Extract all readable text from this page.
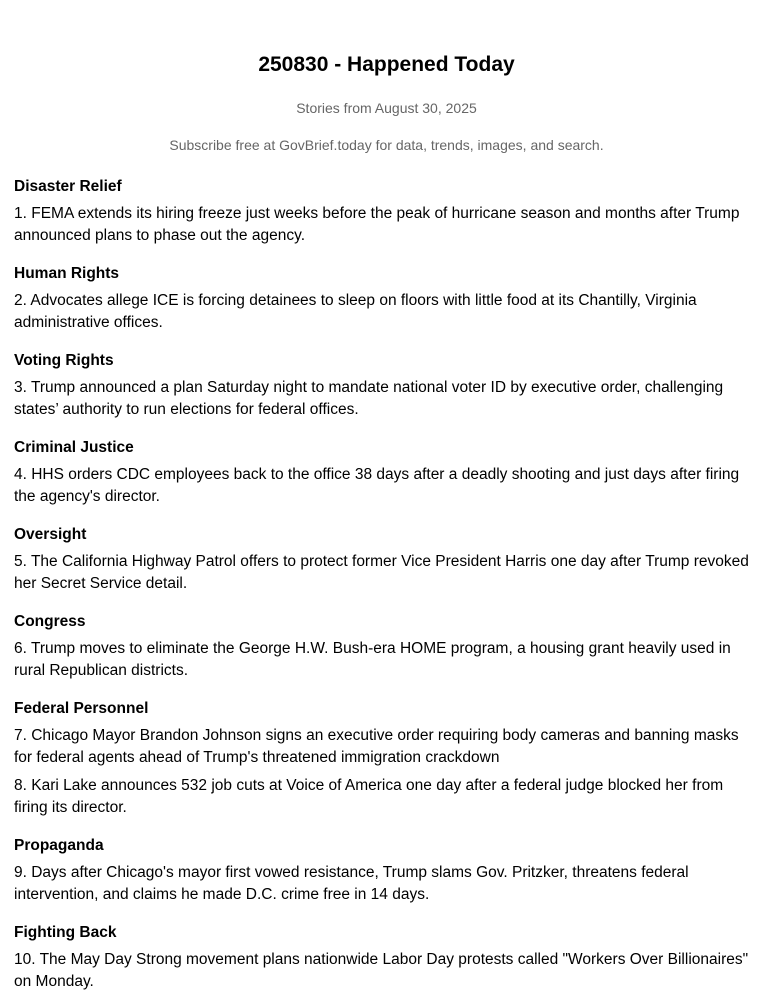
250830 - Happened Today

Stories from August 30, 2025

Subscribe free at GovBrief.today for data, trends, images, and search.

Disaster Relief

1. FEMA extends its hiring freeze just weeks before the peak of hurricane season and months after Trump announced plans to phase out the agency.

Human Rights

2. Advocates allege ICE is forcing detainees to sleep on floors with little food at its Chantilly, Virginia administrative offices.

Voting Rights

3. Trump announced a plan Saturday night to mandate national voter ID by executive order, challenging states’ authority to run elections for federal offices.

Criminal Justice

4. HHS orders CDC employees back to the office 38 days after a deadly shooting and just days after firing the agency's director.

Oversight

5. The California Highway Patrol offers to protect former Vice President Harris one day after Trump revoked her Secret Service detail.

Congress

6. Trump moves to eliminate the George H.W. Bush-era HOME program, a housing grant heavily used in rural Republican districts.

Federal Personnel

7. Chicago Mayor Brandon Johnson signs an executive order requiring body cameras and banning masks for federal agents ahead of Trump's threatened immigration crackdown

8. Kari Lake announces 532 job cuts at Voice of America one day after a federal judge blocked her from firing its director.

Propaganda

9. Days after Chicago's mayor first vowed resistance, Trump slams Gov. Pritzker, threatens federal intervention, and claims he made D.C. crime free in 14 days.

Fighting Back

10. The May Day Strong movement plans nationwide Labor Day protests called "Workers Over Billionaires" on Monday.
